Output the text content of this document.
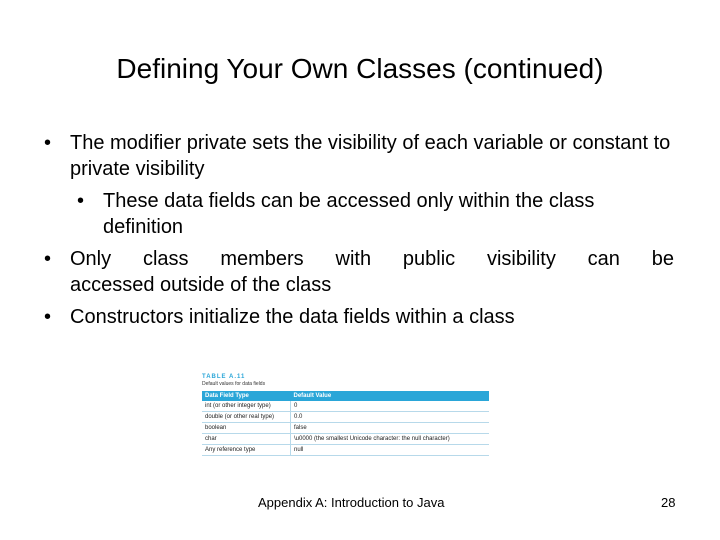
Defining Your Own Classes (continued)
• The modifier private sets the visibility of each variable or constant to private visibility
• These data fields can be accessed only within the class definition
• Only class members with public visibility can be
accessed outside of the class
• Constructors initialize the data fields within a class
TABLE A.11
Default values for data fields
Data Field Type	Default Value
int (or other integer type)	0
double (or other real type)	0.0
boolean	false
char	\u0000 (the smallest Unicode character: the null character)
Any reference type	null
Appendix A: Introduction to Java	28
